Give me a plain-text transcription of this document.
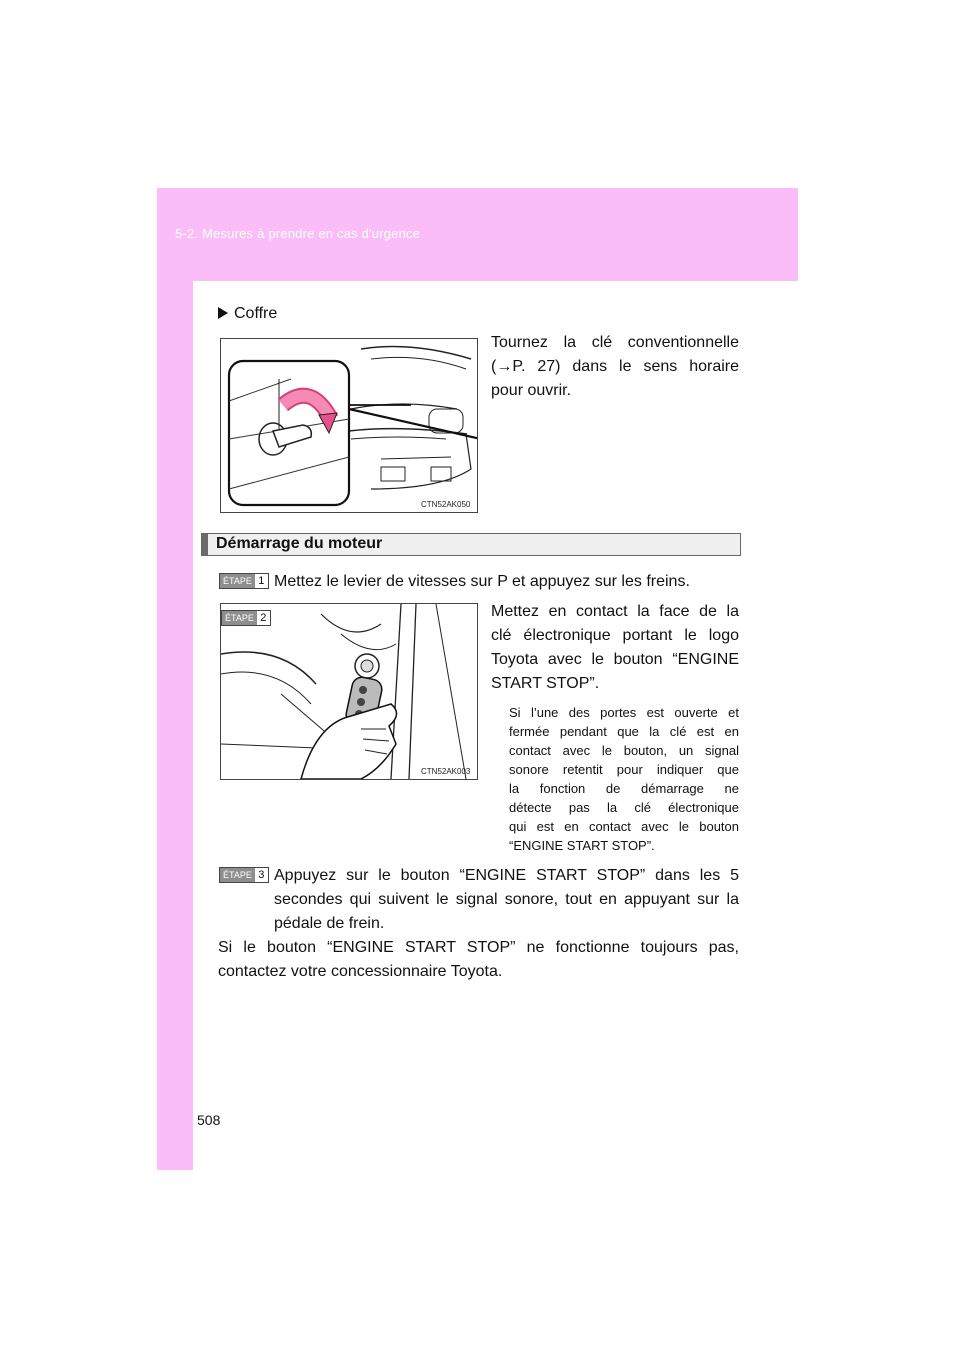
5-2. Mesures à prendre en cas d'urgence
Coffre
CTN52AK050
Tournez la clé conventionnelle
(→P. 27) dans le sens horaire
pour ouvrir.
Démarrage du moteur
ÉTAPE 1 Mettez le levier de vitesses sur P et appuyez sur les freins.
CTN52AK003
ÉTAPE 2	Mettez en contact la face de la
clé électronique portant le logo
Toyota avec le bouton “ENGINE
START STOP”.
Si l’une des portes est ouverte et
fermée pendant que la clé est en
contact avec le bouton, un signal
sonore retentit pour indiquer que
la fonction de démarrage ne
détecte pas la clé électronique
qui est en contact avec le bouton
“ENGINE START STOP”.
ÉTAPE 3 Appuyez sur le bouton “ENGINE START STOP” dans les 5
secondes qui suivent le signal sonore, tout en appuyant sur la
pédale de frein.
Si le bouton “ENGINE START STOP” ne fonctionne toujours pas,
contactez votre concessionnaire Toyota.
508
